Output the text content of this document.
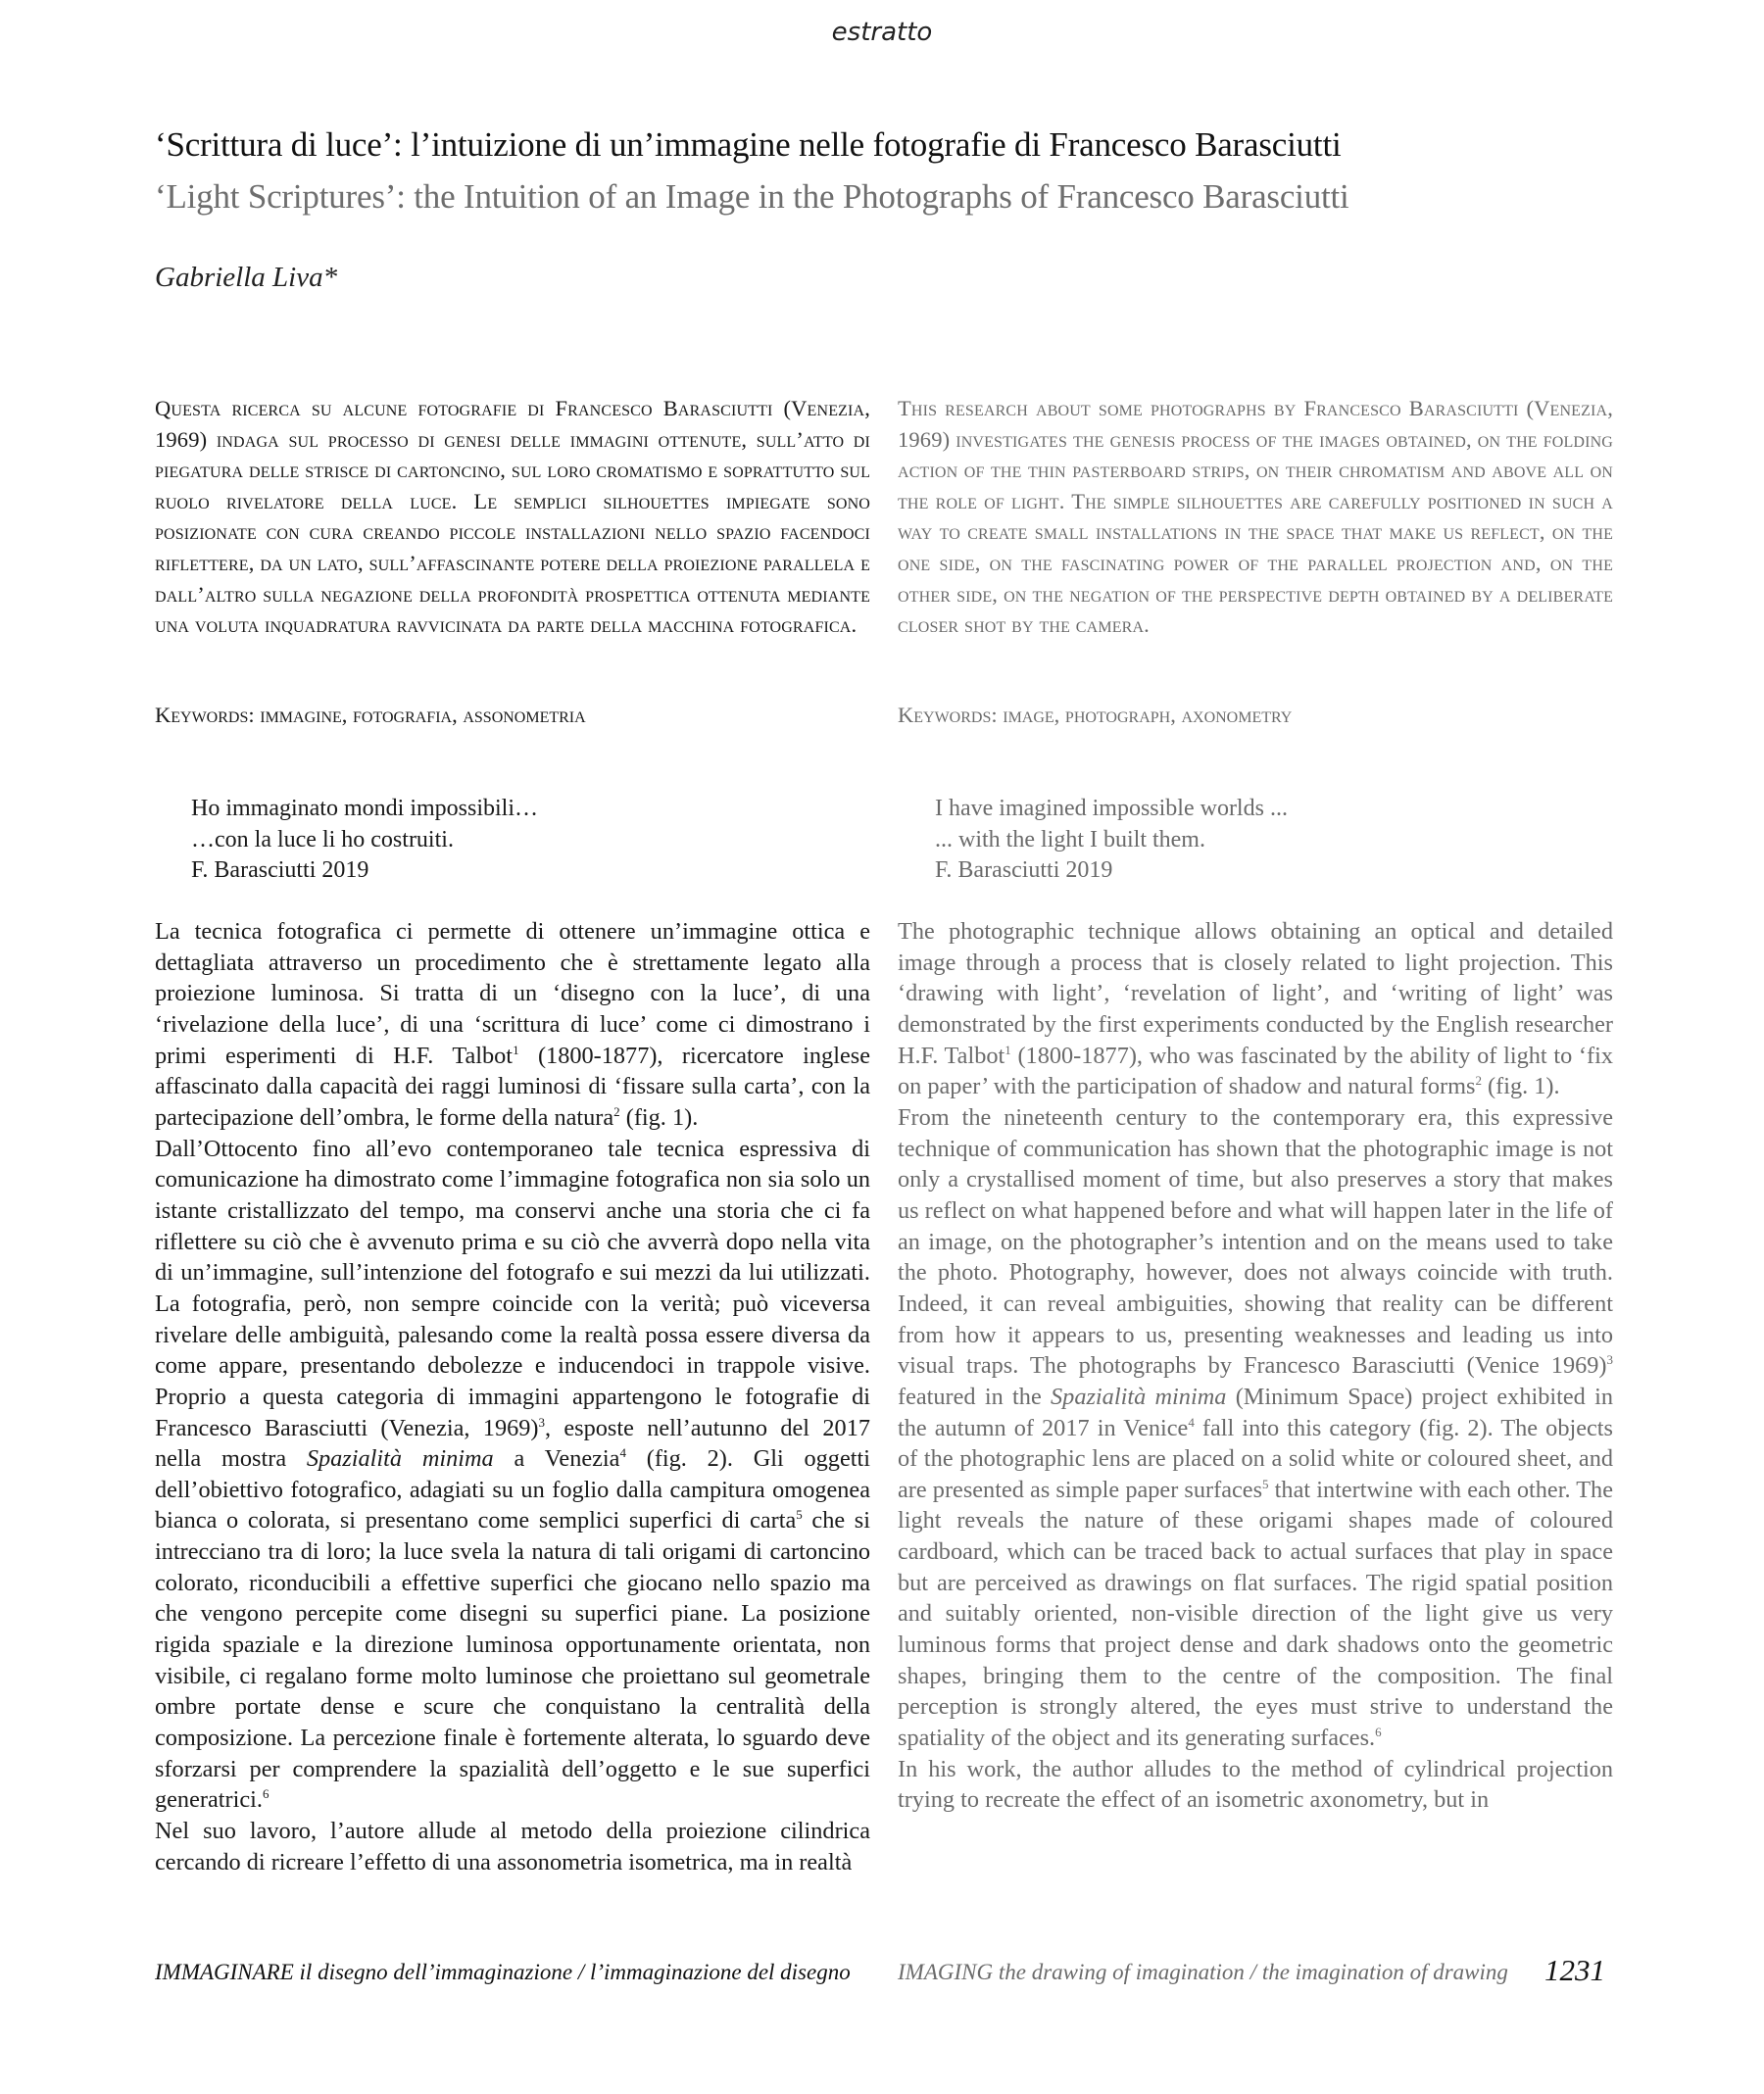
estratto
‘Scrittura di luce’: l’intuizione di un’immagine nelle fotografie di Francesco Barasciutti
‘Light Scriptures’: the Intuition of an Image in the Photographs of Francesco Barasciutti
Gabriella Liva*
Questa ricerca su alcune fotografie di Francesco Barasciutti (Venezia, 1969) indaga sul processo di genesi delle immagini ottenute, sull’atto di piegatura delle strisce di cartoncino, sul loro cromatismo e soprattutto sul ruolo rivelatore della luce. Le semplici silhouettes impiegate sono posizionate con cura creando piccole installazioni nello spazio facendoci riflettere, da un lato, sull’affascinante potere della proiezione parallela e dall’altro sulla negazione della profondità prospettica ottenuta mediante una voluta inquadratura ravvicinata da parte della macchina fotografica.
This research about some photographs by Francesco Barasciutti (Venezia, 1969) investigates the genesis process of the images obtained, on the folding action of the thin pasterboard strips, on their chromatism and above all on the role of light. The simple silhouettes are carefully positioned in such a way to create small installations in the space that make us reflect, on the one side, on the fascinating power of the parallel projection and, on the other side, on the negation of the perspective depth obtained by a deliberate closer shot by the camera.
Keywords: immagine, fotografia, assonometria	Keywords: image, photograph, axonometry
Ho immaginato mondi impossibili…
…con la luce li ho costruiti.
F. Barasciutti 2019
I have imagined impossible worlds ...
... with the light I built them.
F. Barasciutti 2019

La tecnica fotografica ci permette di ottenere un’immagine ottica e dettagliata attraverso un procedimento che è strettamente legato alla proiezione luminosa. Si tratta di un ‘disegno con la luce’, di una ‘rivelazione della luce’, di una ‘scrittura di luce’ come ci dimostrano i primi esperimenti di H.F. Talbot$^1$ (1800-1877), ricercatore inglese affascinato dalla capacità dei raggi luminosi di ‘fissare sulla carta’, con la partecipazione dell’ombra, le forme della natura$^2$ (fig. 1).

Dall’Ottocento fino all’evo contemporaneo tale tecnica espressiva di comunicazione ha dimostrato come l’immagine fotografica non sia solo un istante cristallizzato del tempo, ma conservi anche una storia che ci fa riflettere su ciò che è avvenuto prima e su ciò che avverrà dopo nella vita di un’immagine, sull’intenzione del fotografo e sui mezzi da lui utilizzati. La fotografia, però, non sempre coincide con la verità; può viceversa rivelare delle ambiguità, palesando come la realtà possa essere diversa da come appare, presentando debolezze e inducendoci in trappole visive. Proprio a questa categoria di immagini appartengono le fotografie di Francesco Barasciutti (Venezia, 1969)$^3$, esposte nell’autunno del 2017 nella mostra Spazialità minima a Venezia$^4$ (fig. 2). Gli oggetti dell’obiettivo fotografico, adagiati su un foglio dalla campitura omogenea bianca o colorata, si presentano come semplici superfici di carta$^5$ che si intrecciano tra di loro; la luce svela la natura di tali origami di cartoncino colorato, riconducibili a effettive superfici che giocano nello spazio ma che vengono percepite come disegni su superfici piane. La posizione rigida spaziale e la direzione luminosa opportunamente orientata, non visibile, ci regalano forme molto luminose che proiettano sul geometrale ombre portate dense e scure che conquistano la centralità della composizione. La percezione finale è fortemente alterata, lo sguardo deve sforzarsi per comprendere la spazialità dell’oggetto e le sue superfici generatrici.$^6$

Nel suo lavoro, l’autore allude al metodo della proiezione cilindrica cercando di ricreare l’effetto di una assonometria isometrica, ma in realtà

The photographic technique allows obtaining an optical and detailed image through a process that is closely related to light projection. This ‘drawing with light’, ‘revelation of light’, and ‘writing of light’ was demonstrated by the first experiments conducted by the English researcher H.F. Talbot$^1$ (1800-1877), who was fascinated by the ability of light to ‘fix on paper’ with the participation of shadow and natural forms$^2$ (fig. 1).

From the nineteenth century to the contemporary era, this expressive technique of communication has shown that the photographic image is not only a crystallised moment of time, but also preserves a story that makes us reflect on what happened before and what will happen later in the life of an image, on the photographer’s intention and on the means used to take the photo. Photography, however, does not always coincide with truth. Indeed, it can reveal ambiguities, showing that reality can be different from how it appears to us, presenting weaknesses and leading us into visual traps. The photographs by Francesco Barasciutti (Venice 1969)$^3$ featured in the Spazialità minima (Minimum Space) project exhibited in the autumn of 2017 in Venice$^4$ fall into this category (fig. 2). The objects of the photographic lens are placed on a solid white or coloured sheet, and are presented as simple paper surfaces$^5$ that intertwine with each other. The light reveals the nature of these origami shapes made of coloured cardboard, which can be traced back to actual surfaces that play in space but are perceived as drawings on flat surfaces. The rigid spatial position and suitably oriented, non-visible direction of the light give us very luminous forms that project dense and dark shadows onto the geometric shapes, bringing them to the centre of the composition. The final perception is strongly altered, the eyes must strive to understand the spatiality of the object and its generating surfaces.$^6$

In his work, the author alludes to the method of cylindrical projection trying to recreate the effect of an isometric axonometry, but in

IMMAGINARE il disegno dell’immaginazione / l’immaginazione del disegno IMAGING the drawing of imagination / the imagination of drawing 1231
